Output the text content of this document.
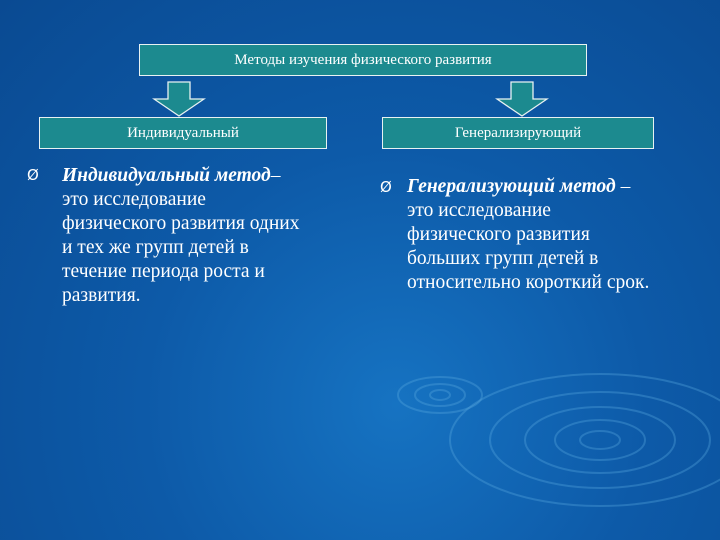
Методы изучения физического развития
Индивидуальный	Генерализирующий
Ø Индивидуальный метод–
это исследование
физического развития одних
и тех же групп детей в
течение периода роста и
развития.
Ø Генерализующий метод –
это исследование
физического развития
больших групп детей в
относительно короткий срок.
